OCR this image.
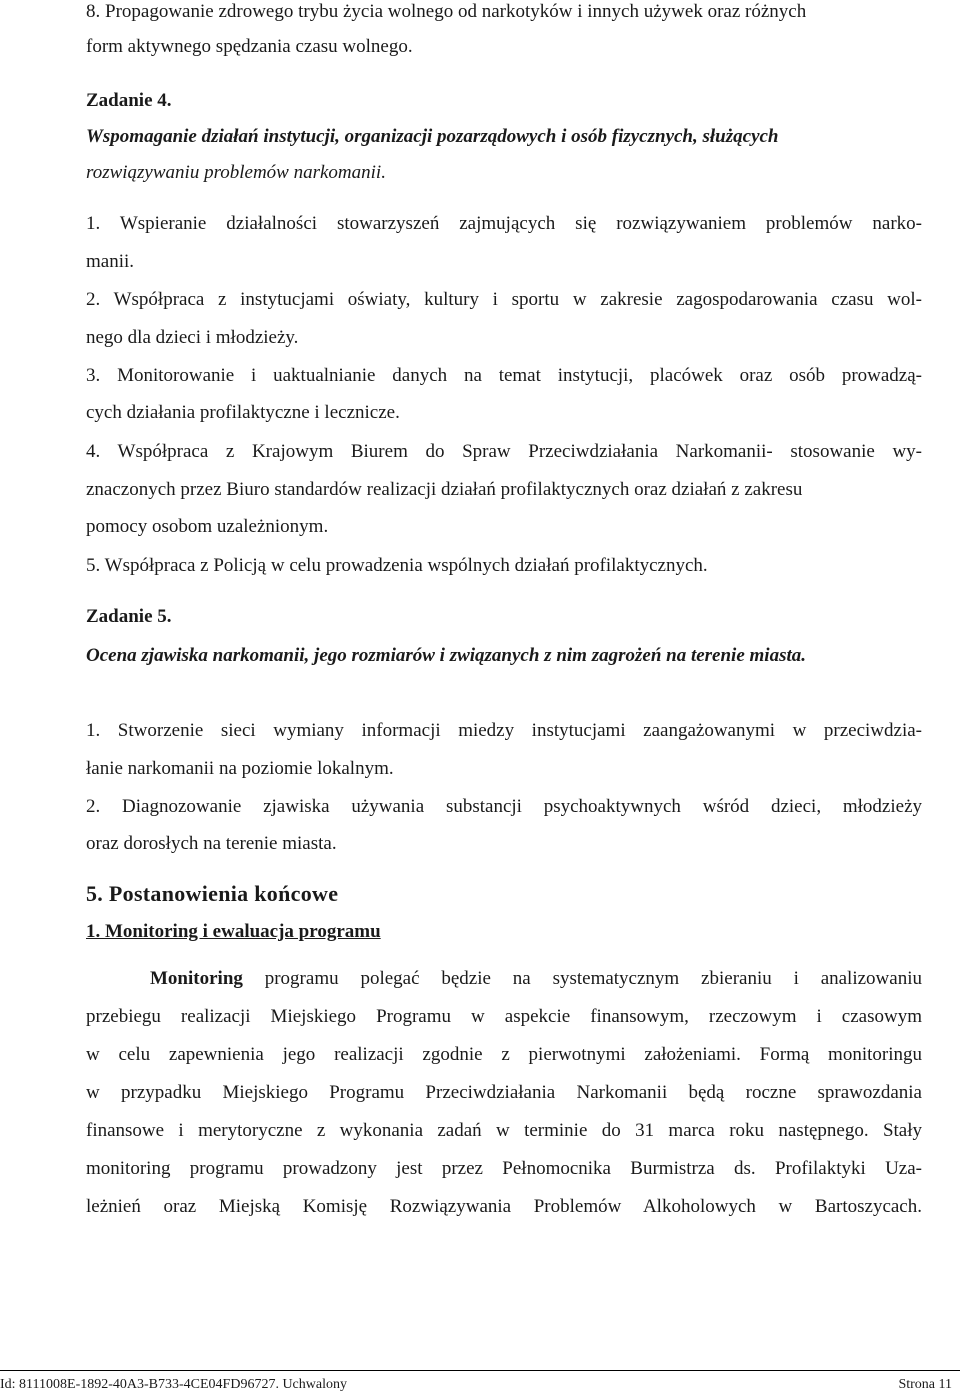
8. Propagowanie zdrowego trybu życia wolnego od narkotyków i innych używek oraz różnych
form aktywnego spędzania czasu wolnego.
Zadanie 4.
Wspomaganie działań instytucji, organizacji pozarządowych i osób fizycznych, służących
rozwiązywaniu problemów narkomanii.
1. Wspieranie działalności stowarzyszeń zajmujących się rozwiązywaniem problemów narko-
manii.
2. Współpraca z instytucjami oświaty, kultury i sportu w zakresie zagospodarowania czasu wol-
nego dla dzieci i młodzieży.
3. Monitorowanie i uaktualnianie danych na temat instytucji, placówek oraz osób prowadzą-
cych działania profilaktyczne i lecznicze.
4. Współpraca z Krajowym Biurem do Spraw Przeciwdziałania Narkomanii- stosowanie wy-
znaczonych przez Biuro standardów realizacji działań profilaktycznych oraz działań z zakresu
pomocy osobom uzależnionym.
5. Współpraca z Policją w celu prowadzenia wspólnych działań profilaktycznych.
Zadanie 5.
Ocena zjawiska narkomanii, jego rozmiarów i związanych z nim zagrożeń na terenie miasta.
1. Stworzenie sieci wymiany informacji miedzy instytucjami zaangażowanymi w przeciwdzia-
łanie narkomanii na poziomie lokalnym.
2. Diagnozowanie zjawiska używania substancji psychoaktywnych wśród dzieci, młodzieży
oraz dorosłych na terenie miasta.
5. Postanowienia końcowe
1. Monitoring i ewaluacja programu
Monitoring programu polegać będzie na systematycznym zbieraniu i analizowaniu
przebiegu realizacji Miejskiego Programu w aspekcie finansowym, rzeczowym i czasowym
w celu zapewnienia jego realizacji zgodnie z pierwotnymi założeniami. Formą monitoringu
w przypadku Miejskiego Programu Przeciwdziałania Narkomanii będą roczne sprawozdania
finansowe i merytoryczne z wykonania zadań w terminie do 31 marca roku następnego. Stały
monitoring programu prowadzony jest przez Pełnomocnika Burmistrza ds. Profilaktyki Uza-
leżnień oraz Miejską Komisję Rozwiązywania Problemów Alkoholowych w Bartoszycach.
Id: 8111008E-1892-40A3-B733-4CE04FD96727. Uchwalony	Strona 11
